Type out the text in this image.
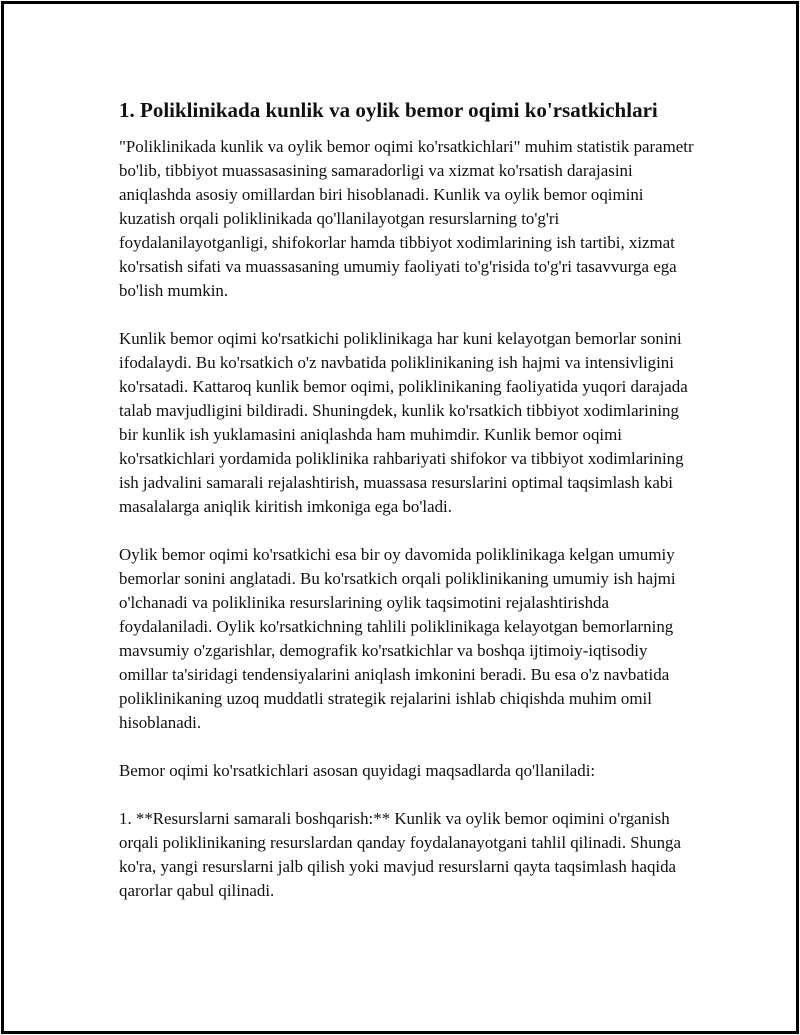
1. Poliklinikada kunlik va oylik bemor oqimi ko'rsatkichlari

"Poliklinikada kunlik va oylik bemor oqimi ko'rsatkichlari" muhim statistik parametr bo'lib, tibbiyot muassasasining samaradorligi va xizmat ko'rsatish darajasini aniqlashda asosiy omillardan biri hisoblanadi. Kunlik va oylik bemor oqimini kuzatish orqali poliklinikada qo'llanilayotgan resurslarning to'g'ri foydalanilayotganligi, shifokorlar hamda tibbiyot xodimlarining ish tartibi, xizmat ko'rsatish sifati va muassasaning umumiy faoliyati to'g'risida to'g'ri tasavvurga ega bo'lish mumkin.

Kunlik bemor oqimi ko'rsatkichi poliklinikaga har kuni kelayotgan bemorlar sonini ifodalaydi. Bu ko'rsatkich o'z navbatida poliklinikaning ish hajmi va intensivligini ko'rsatadi. Kattaroq kunlik bemor oqimi, poliklinikaning faoliyatida yuqori darajada talab mavjudligini bildiradi. Shuningdek, kunlik ko'rsatkich tibbiyot xodimlarining bir kunlik ish yuklamasini aniqlashda ham muhimdir. Kunlik bemor oqimi ko'rsatkichlari yordamida poliklinika rahbariyati shifokor va tibbiyot xodimlarining ish jadvalini samarali rejalashtirish, muassasa resurslarini optimal taqsimlash kabi masalalarga aniqlik kiritish imkoniga ega bo'ladi.

Oylik bemor oqimi ko'rsatkichi esa bir oy davomida poliklinikaga kelgan umumiy bemorlar sonini anglatadi. Bu ko'rsatkich orqali poliklinikaning umumiy ish hajmi o'lchanadi va poliklinika resurslarining oylik taqsimotini rejalashtirishda foydalaniladi. Oylik ko'rsatkichning tahlili poliklinikaga kelayotgan bemorlarning mavsumiy o'zgarishlar, demografik ko'rsatkichlar va boshqa ijtimoiy-iqtisodiy omillar ta'siridagi tendensiyalarini aniqlash imkonini beradi. Bu esa o'z navbatida poliklinikaning uzoq muddatli strategik rejalarini ishlab chiqishda muhim omil hisoblanadi.

Bemor oqimi ko'rsatkichlari asosan quyidagi maqsadlarda qo'llaniladi:

1. **Resurslarni samarali boshqarish:** Kunlik va oylik bemor oqimini o'rganish orqali poliklinikaning resurslardan qanday foydalanayotgani tahlil qilinadi. Shunga ko'ra, yangi resurslarni jalb qilish yoki mavjud resurslarni qayta taqsimlash haqida qarorlar qabul qilinadi.
